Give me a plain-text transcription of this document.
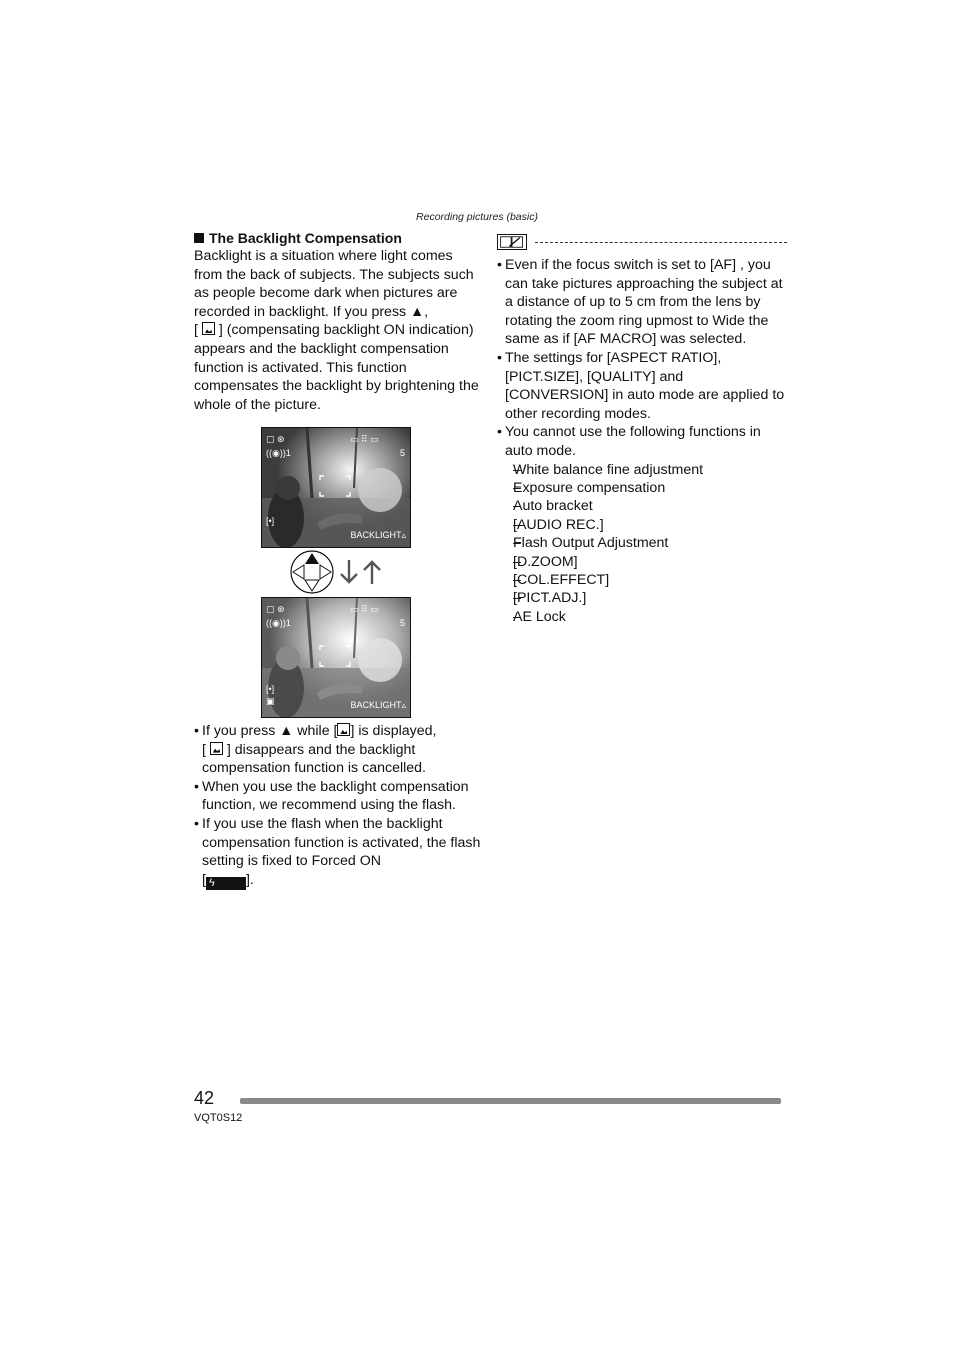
Recording pictures (basic)
The Backlight Compensation

Backlight is a situation where light comes from the back of subjects. The subjects such as people become dark when pictures are recorded in backlight. If you press ▲,
[  ] (compensating backlight ON indication) appears and the backlight compensation function is activated. This function compensates the backlight by brightening the whole of the picture.

▢ ⊛
((◉))1
▭ ⠿ ▭
5
[•]
BACKLIGHT▵
▢ ⊛
((◉))1
▭ ⠿ ▭
5
[•]
▣	BACKLIGHT▵
• If you press ▲ while [ ] is displayed,
[  ] disappears and the backlight compensation function is cancelled.
• When you use the backlight compensation function, we recommend using the flash.
• If you use the flash when the backlight compensation function is activated, the flash setting is fixed to Forced ON
[ ϟ ].
• Even if the focus switch is set to [AF] , you can take pictures approaching the subject at a distance of up to 5 cm from the lens by rotating the zoom ring upmost to Wide the same as if [AF MACRO] was selected.
• The settings for [ASPECT RATIO], [PICT.SIZE], [QUALITY] and [CONVERSION] in auto mode are applied to other recording modes.
• You cannot use the following functions in auto mode.
– White balance fine adjustment
– Exposure compensation
– Auto bracket
– [AUDIO REC.]
– Flash Output Adjustment
– [D.ZOOM]
– [COL.EFFECT]
– [PICT.ADJ.]
– AE Lock
42
VQT0S12
